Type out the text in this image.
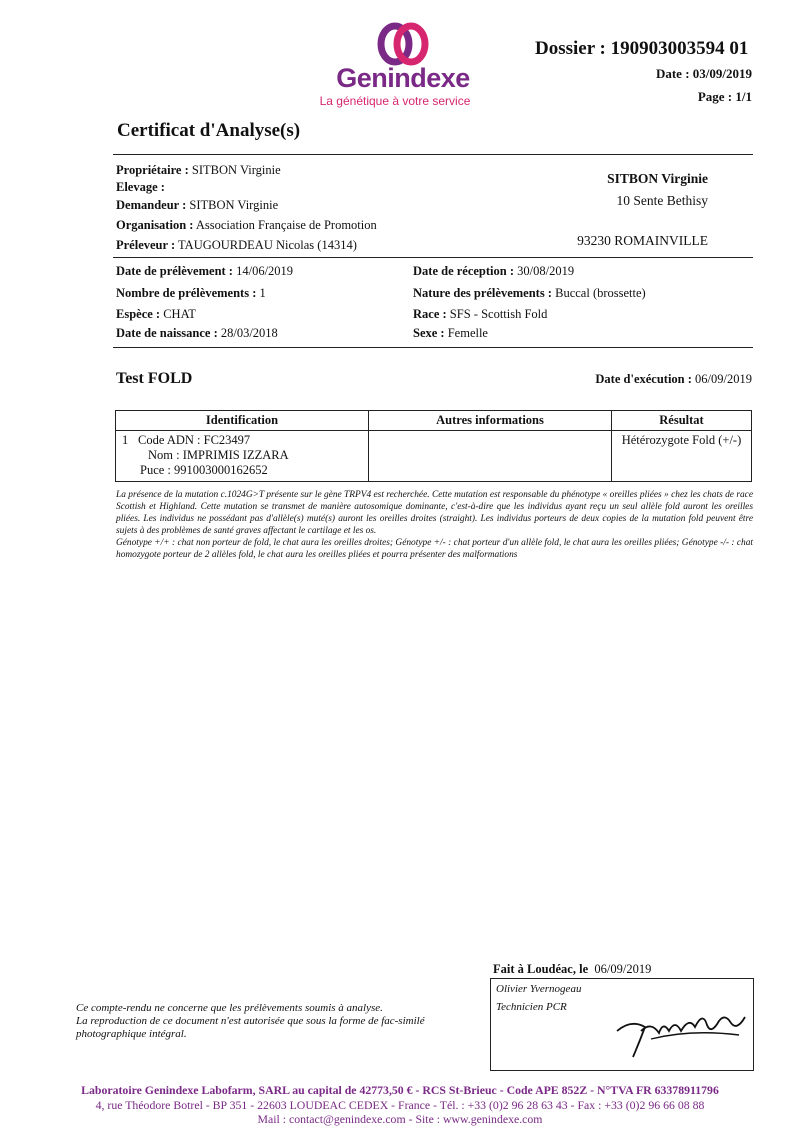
Genindexe
La génétique à votre service
Dossier : 190903003594 01
Date : 03/09/2019
Page : 1/1
Certificat d'Analyse(s)
Propriétaire : SITBON Virginie
Elevage :
Demandeur : SITBON Virginie
Organisation : Association Française de Promotion
Préleveur : TAUGOURDEAU Nicolas (14314)
SITBON Virginie
10 Sente Bethisy
93230 ROMAINVILLE
Date de prélèvement : 14/06/2019
Nombre de prélèvements : 1
Espèce : CHAT
Date de naissance : 28/03/2018
Date de réception : 30/08/2019
Nature des prélèvements : Buccal (brossette)
Race : SFS - Scottish Fold
Sexe : Femelle
Test FOLD	Date d'exécution : 06/09/2019
Identification	Autres informations	Résultat

1 Code ADN : FC23497
Nom : IMPRIMIS IZZARA
Puce : 991003000162652		Hétérozygote Fold (+/-)
La présence de la mutation c.1024G>T présente sur le gène TRPV4 est recherchée. Cette mutation est responsable du phénotype « oreilles pliées » chez les chats de race Scottish et Highland. Cette mutation se transmet de manière autosomique dominante, c'est-à-dire que les individus ayant reçu un seul allèle fold auront les oreilles pliées. Les individus ne possédant pas d'allèle(s) muté(s) auront les oreilles droites (straight). Les individus porteurs de deux copies de la mutation fold peuvent être sujets à des problèmes de santé graves affectant le cartilage et les os.
Génotype +/+ : chat non porteur de fold, le chat aura les oreilles droites; Génotype +/- : chat porteur d'un allèle fold, le chat aura les oreilles pliées; Génotype -/- : chat homozygote porteur de 2 allèles fold, le chat aura les oreilles pliées et pourra présenter des malformations
Fait à Loudéac, le 06/09/2019
Olivier Yvernogeau
Technicien PCR
Ce compte-rendu ne concerne que les prélèvements soumis à analyse.
La reproduction de ce document n'est autorisée que sous la forme de fac-similé
photographique intégral.
Laboratoire Genindexe Labofarm, SARL au capital de 42773,50 € - RCS St-Brieuc - Code APE 852Z - N°TVA FR 63378911796
4, rue Théodore Botrel - BP 351 - 22603 LOUDEAC CEDEX - France - Tél. : +33 (0)2 96 28 63 43 - Fax : +33 (0)2 96 66 08 88
Mail : contact@genindexe.com - Site : www.genindexe.com
